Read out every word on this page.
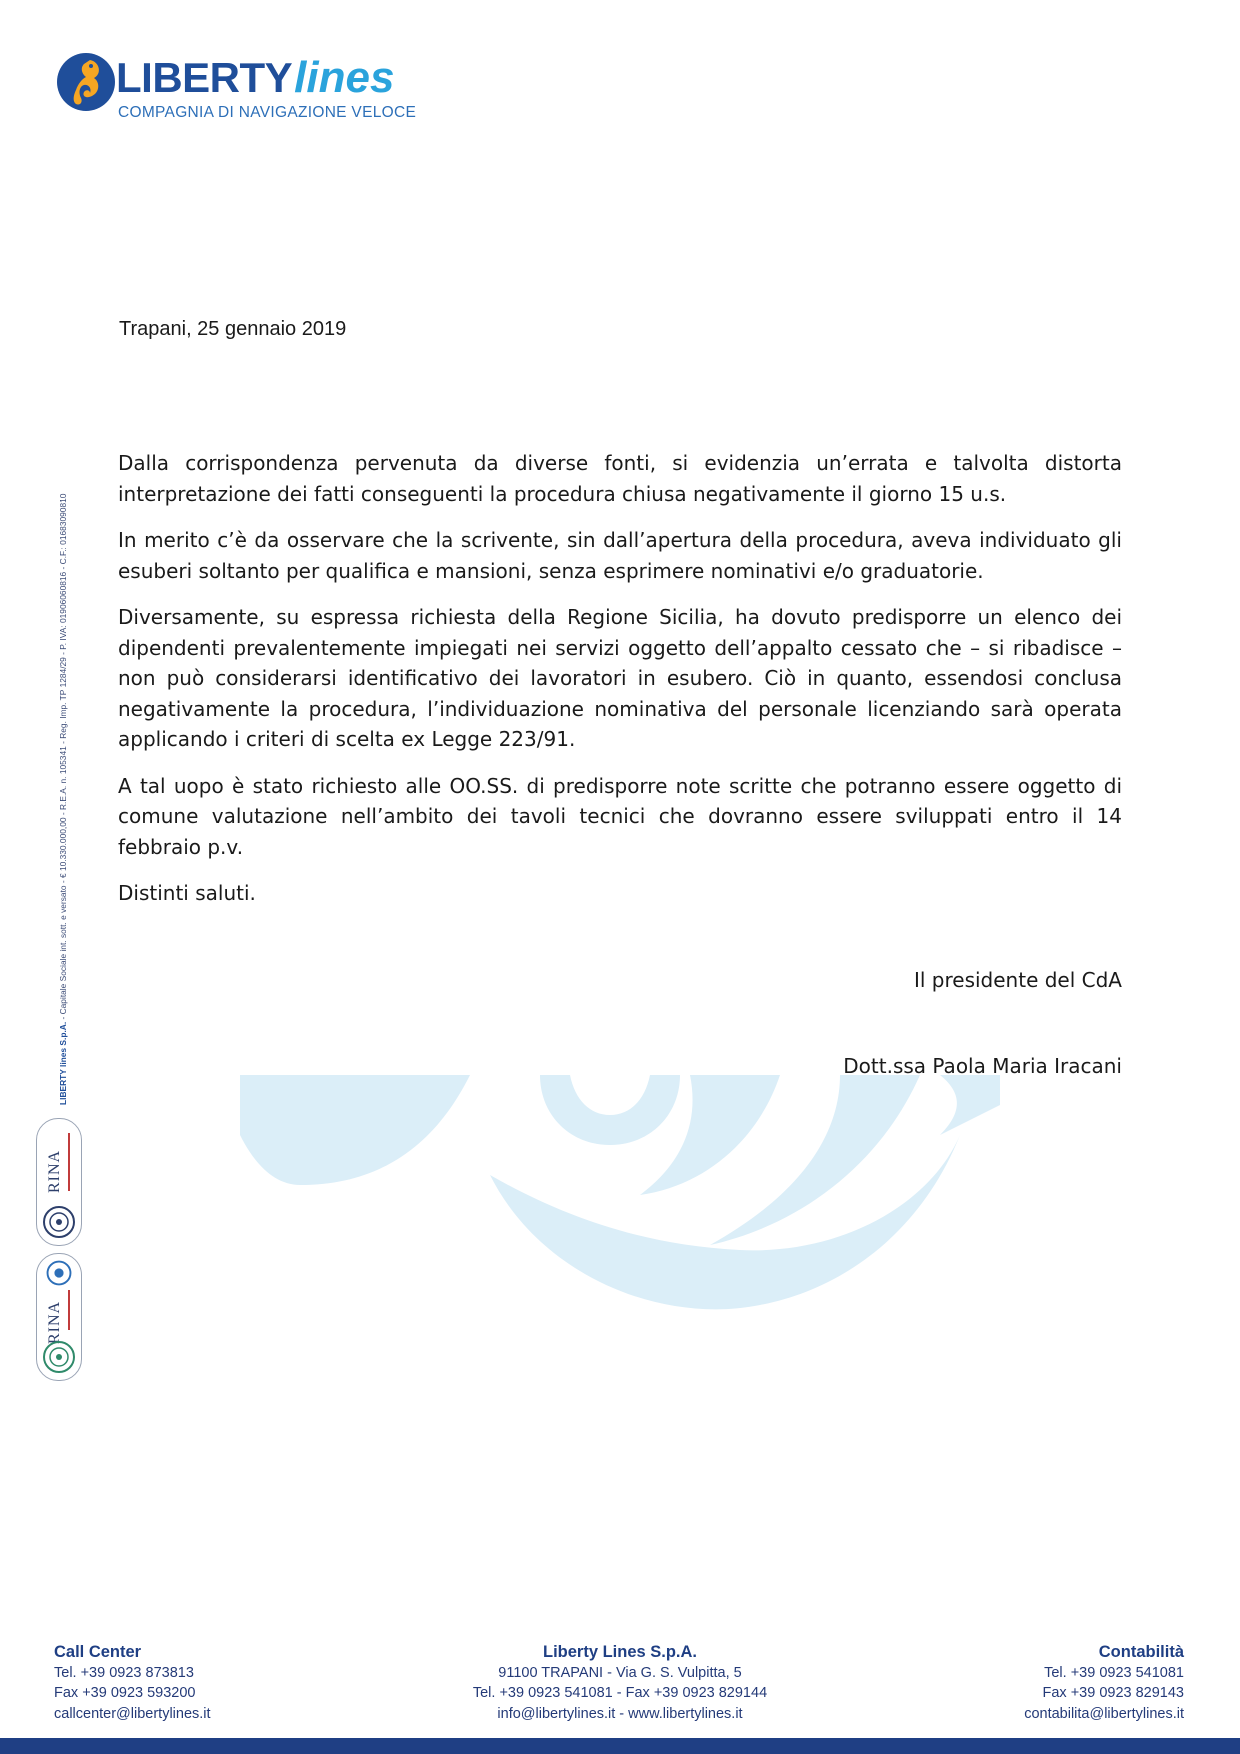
LIBERTYlines
COMPAGNIA DI NAVIGAZIONE VELOCE
LIBERTY lines S.p.A. - Capitale Sociale int. sott. e versato - € 10.330.000,00 - R.E.A. n. 105341 - Reg. Imp. TP 1284/29 - P. IVA: 01906060816 - C.F.: 01683090810
RINA
RINA
Trapani, 25 gennaio 2019

Dalla corrispondenza pervenuta da diverse fonti, si evidenzia un’errata e talvolta distorta interpretazione dei fatti conseguenti la procedura chiusa negativamente il giorno 15 u.s.

In merito c’è da osservare che la scrivente, sin dall’apertura della procedura, aveva individuato gli esuberi soltanto per qualifica e mansioni, senza esprimere nominativi e/o graduatorie.

Diversamente, su espressa richiesta della Regione Sicilia, ha dovuto predisporre un elenco dei dipendenti prevalentemente impiegati nei servizi oggetto dell’appalto cessato che – si ribadisce – non può considerarsi identificativo dei lavoratori in esubero. Ciò in quanto, essendosi conclusa negativamente la procedura, l’individuazione nominativa del personale licenziando sarà operata applicando i criteri di scelta ex Legge 223/91.

A tal uopo è stato richiesto alle OO.SS. di predisporre note scritte che potranno essere oggetto di comune valutazione nell’ambito dei tavoli tecnici che dovranno essere sviluppati entro il 14 febbraio p.v.

Distinti saluti.

Il presidente del CdA
Dott.ssa Paola Maria Iracani
Call Center
Tel. +39 0923 873813
Fax +39 0923 593200
callcenter@libertylines.it
Liberty Lines S.p.A.
91100 TRAPANI - Via G. S. Vulpitta, 5
Tel. +39 0923 541081 - Fax +39 0923 829144
info@libertylines.it - www.libertylines.it
Contabilità
Tel. +39 0923 541081
Fax +39 0923 829143
contabilita@libertylines.it
